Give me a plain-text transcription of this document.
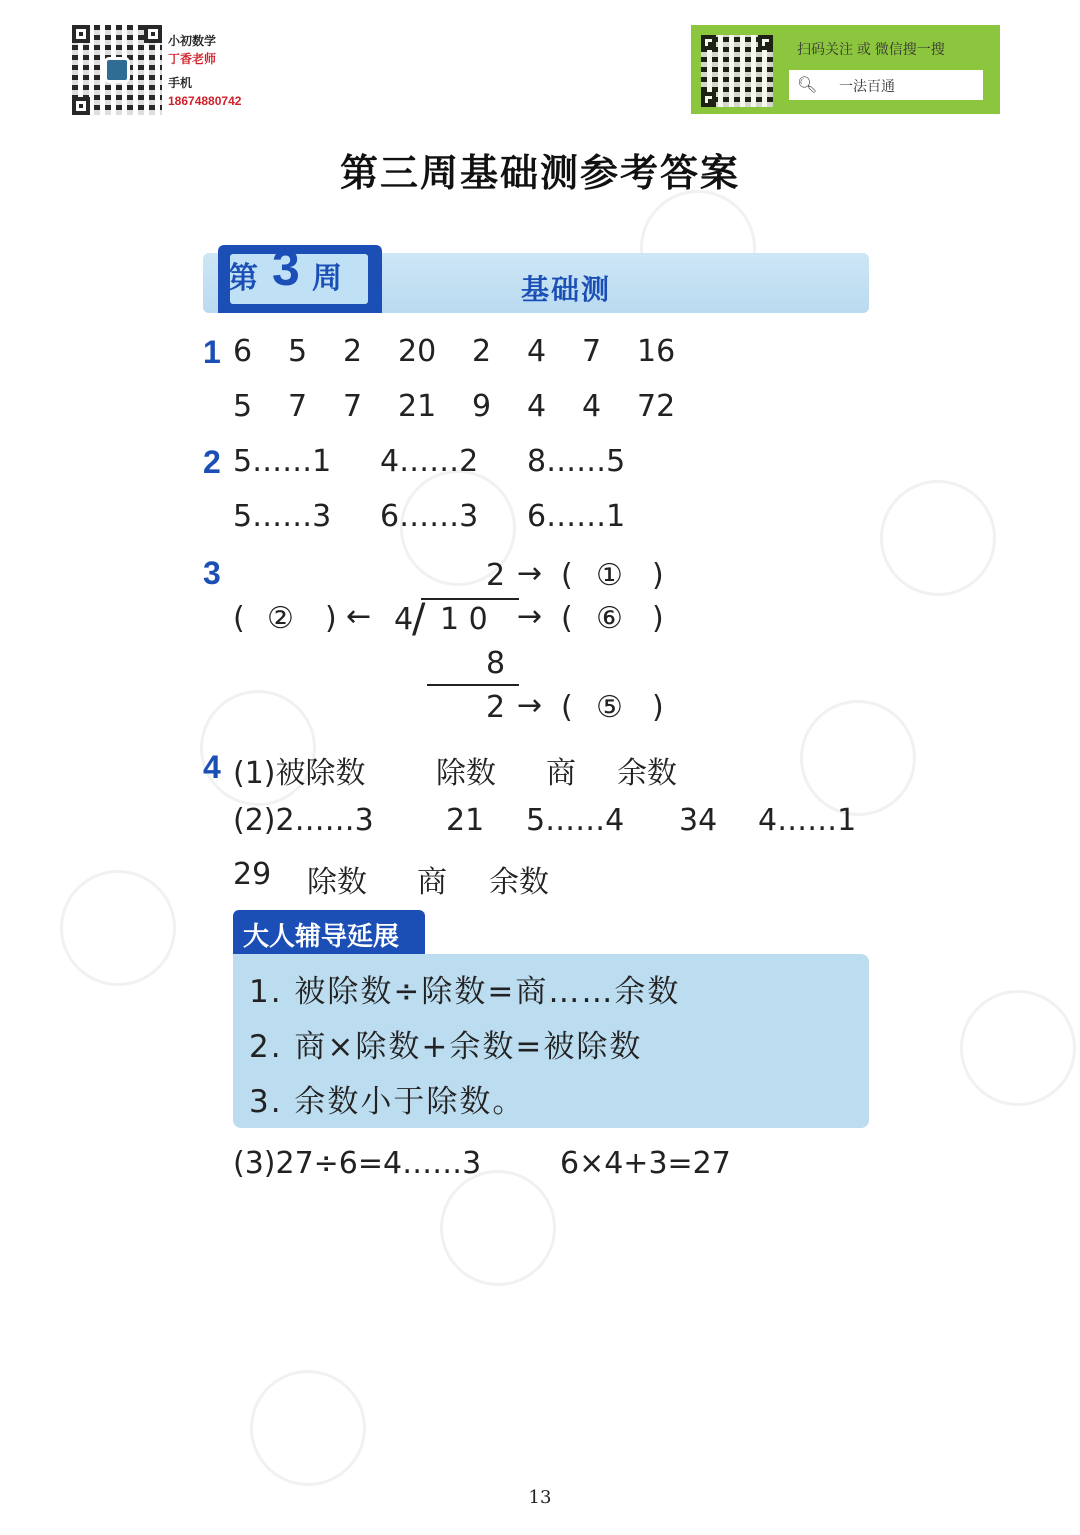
小初数学
丁香老师
手机
18674880742
扫码关注 或 微信搜一搜
🔍︎ 一法百通
第三周基础测参考答案
第 3 周	基础测
1 6 5 2 20 2 4 7 16
5 7 7 21 9 4 4 72
2 5……1 4……2 8……5
5……3 6……3 6……1
3	2 → ( ① )
( ② ) ← 4
/ 1 0 → ( ⑥ )
8
2 → ( ⑤ )
4 (1)被除数 除数 商 余数
(2)2……3 21 5……4 34 4……1
29 除数 商 余数
大人辅导延展
1. 被除数÷除数=商……余数
2. 商×除数+余数=被除数
3. 余数小于除数。
(3)27÷6=4……3	6×4+3=27
13
